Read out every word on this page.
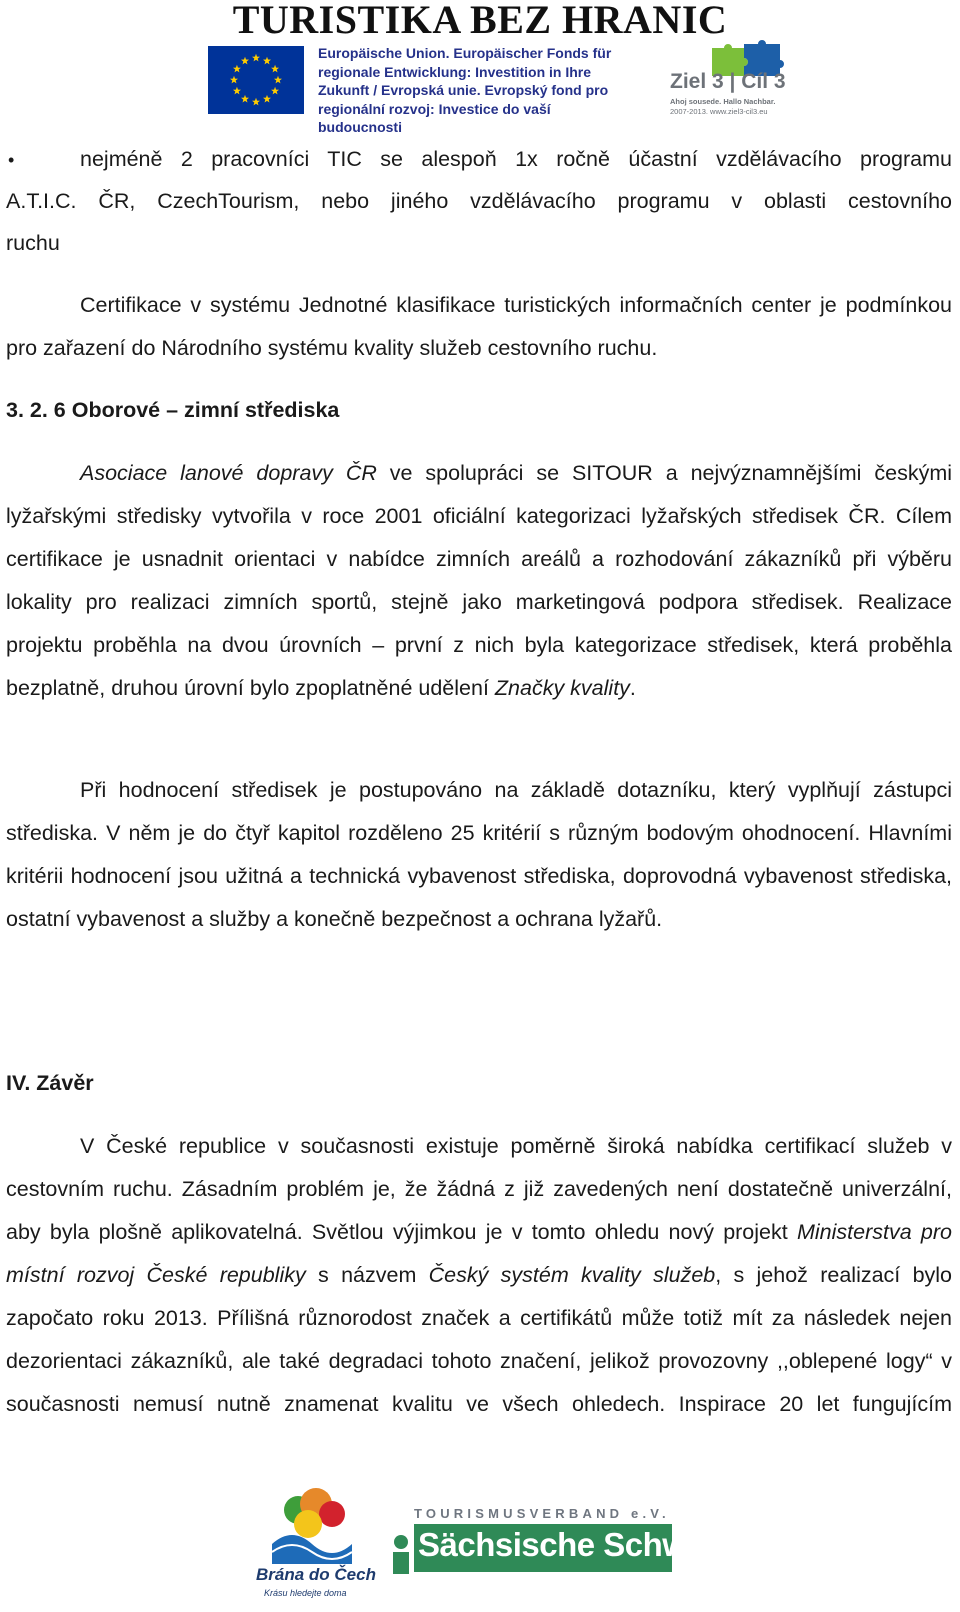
TURISTIKA BEZ HRANIC
Europäische Union. Europäischer Fonds für
regionale Entwicklung: Investition in Ihre
Zukunft / Evropská unie. Evropský fond pro
regionální rozvoj: Investice do vaší budoucnosti
Ziel 3 | Cíl 3
Ahoj sousede. Hallo Nachbar.
2007-2013. www.ziel3-cil3.eu
•	nejméně 2 pracovníci TIC se alespoň 1x ročně účastní vzdělávacího programu

A.T.I.C. ČR, CzechTourism, nebo jiného vzdělávacího programu v oblasti cestovního

ruchu

Certifikace v systému Jednotné klasifikace turistických informačních center je podmínkou pro zařazení do Národního systému kvality služeb cestovního ruchu.

3. 2. 6 Oborové – zimní střediska

Asociace lanové dopravy ČR ve spolupráci se SITOUR a nejvýznamnějšími českými lyžařskými středisky vytvořila v roce 2001 oficiální kategorizaci lyžařských středisek ČR. Cílem certifikace je usnadnit orientaci v nabídce zimních areálů a rozhodování zákazníků při výběru lokality pro realizaci zimních sportů, stejně jako marketingová podpora středisek. Realizace projektu proběhla na dvou úrovních – první z nich byla kategorizace středisek, která proběhla bezplatně, druhou úrovní bylo zpoplatněné udělení Značky kvality.

Při hodnocení středisek je postupováno na základě dotazníku, který vyplňují zástupci střediska. V něm je do čtyř kapitol rozděleno 25 kritérií s různým bodovým ohodnocení. Hlavními kritérii hodnocení jsou užitná a technická vybavenost střediska, doprovodná vybavenost střediska, ostatní vybavenost a služby a konečně bezpečnost a ochrana lyžařů.

IV. Závěr

V České republice v současnosti existuje poměrně široká nabídka certifikací služeb v cestovním ruchu. Zásadním problém je, že žádná z již zavedených není dostatečně univerzální, aby byla plošně aplikovatelná. Světlou výjimkou je v tomto ohledu nový projekt Ministerstva pro místní rozvoj České republiky s názvem Český systém kvality služeb, s jehož realizací bylo započato roku 2013. Přílišná různorodost značek a certifikátů může totiž mít za následek nejen dezorientaci zákazníků, ale také degradaci tohoto značení, jelikož provozovny ,,oblepené logy“ v současnosti nemusí nutně znamenat kvalitu ve všech ohledech. Inspirace 20 let fungujícím

Brána do Čech
Krásu hledejte doma
TOURISMUSVERBAND e.V.
Sächsische Schweiz
